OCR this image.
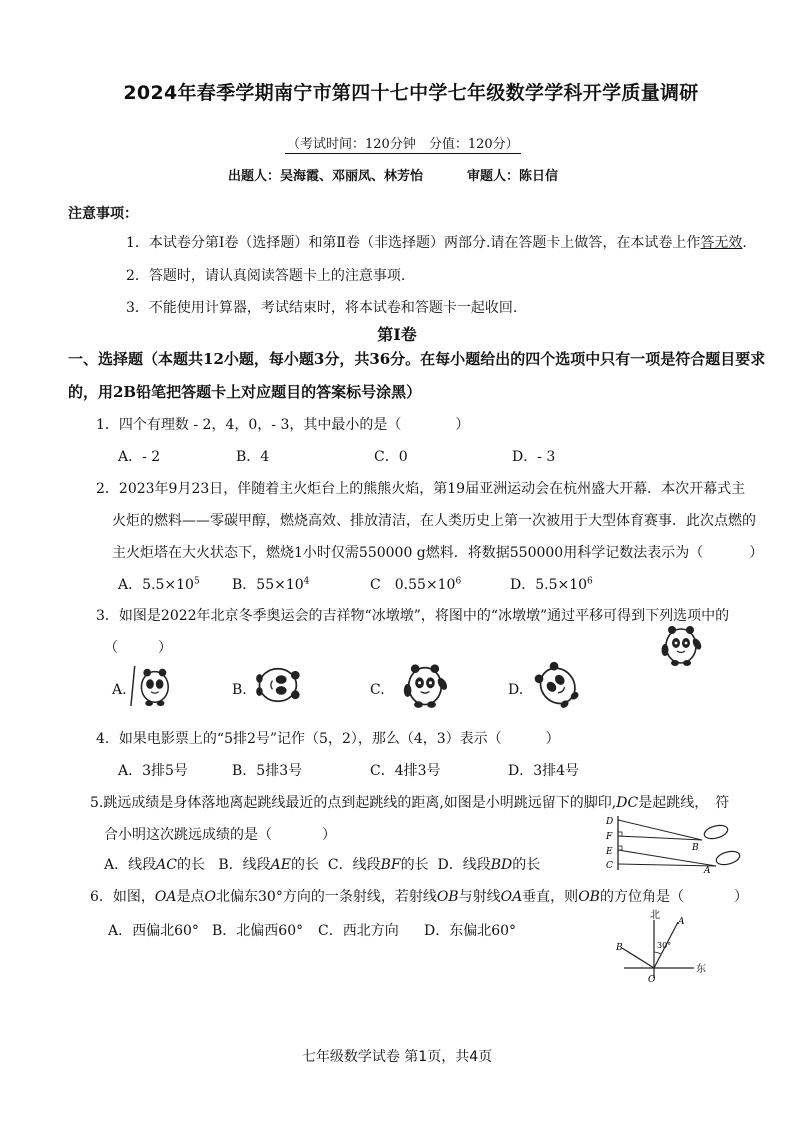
2024年春季学期南宁市第四十七中学七年级数学学科开学质量调研
（考试时间：120分钟　分值：120分）
出题人：吴海霞、邓丽凤、林芳怡	审题人：陈日信
注意事项：
1．本试卷分第Ⅰ卷（选择题）和第Ⅱ卷（非选择题）两部分.请在答题卡上做答，在本试卷上作答无效.
2．答题时，请认真阅读答题卡上的注意事项.
3．不能使用计算器，考试结束时，将本试卷和答题卡一起收回.
第Ⅰ卷
一、选择题（本题共12小题，每小题3分，共36分。在每小题给出的四个选项中只有一项是符合题目要求
的，用2B铅笔把答题卡上对应题目的答案标号涂黑）
1．四个有理数 - 2，4，0，- 3，其中最小的是（	）
A．- 2	B．4	C．0	D．- 3
2．2023年9月23日，伴随着主火炬台上的熊熊火焰，第19届亚洲运动会在杭州盛大开幕．本次开幕式主
火炬的燃料——零碳甲醇，燃烧高效、排放清洁，在人类历史上第一次被用于大型体育赛事．此次点燃的
主火炬塔在大火状态下，燃烧1小时仅需550000 g燃料．将数据550000用科学记数法表示为（	）
A．$5.5\times 10^5$ B．$55\times 10^4$	C　$0.55\times 10^6$	D．$5.5\times 10^6$
3．如图是2022年北京冬季奥运会的吉祥物“冰墩墩”，将图中的“冰墩墩”通过平移可得到下列选项中的
（	）
A.	B.	C.	D.
4．如果电影票上的“5排2号”记作（5，2），那么（4，3）表示（	）
A．3排5号	B．5排3号	C．4排3号	D．3排4号
5.跳远成绩是身体落地离起跳线最近的点到起跳线的距离,如图是小明跳远留下的脚印,DC是起跳线，　符
合小明这次跳远成绩的是（	）
A．线段AC的长 B．线段AE的长 C．线段BF的长 D．线段BD的长
D
F
E
C
B
A
6．如图，OA是点O北偏东30°方向的一条射线，若射线OB与射线OA垂直，则OB的方位角是（	）
A．西偏北60° B．北偏西60° C．西北方向 D．东偏北60°
北
东
A
B
O
30°
七年级数学试卷 第1页，共4页
